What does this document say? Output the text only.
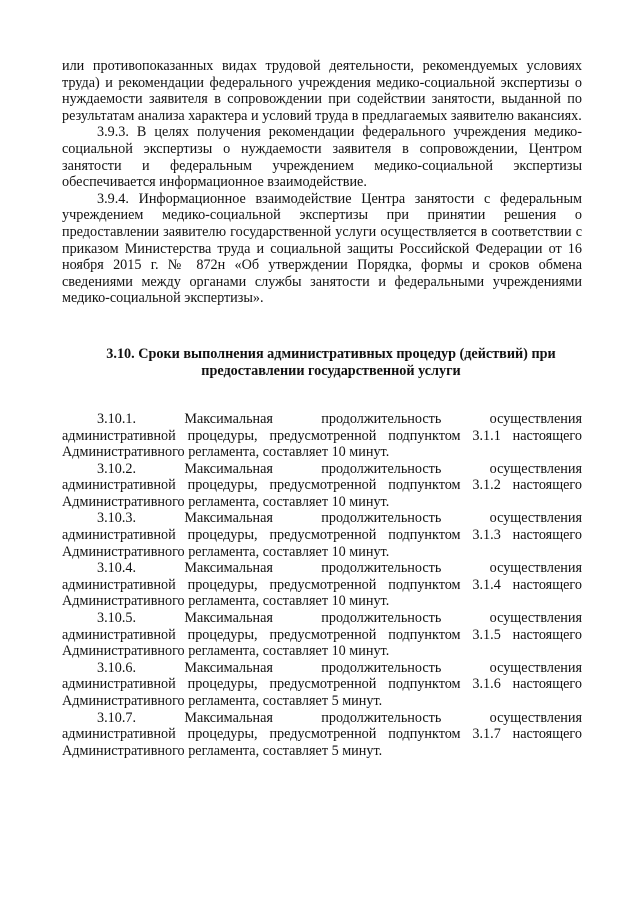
или противопоказанных видах трудовой деятельности, рекомендуемых условиях труда) и рекомендации федерального учреждения медико-социальной экспертизы о нуждаемости заявителя в сопровождении при содействии занятости, выданной по результатам анализа характера и условий труда в предлагаемых заявителю вакансиях.

3.9.3. В целях получения рекомендации федерального учреждения медико-социальной экспертизы о нуждаемости заявителя в сопровождении, Центром занятости и федеральным учреждением медико-социальной экспертизы обеспечивается информационное взаимодействие.

3.9.4. Информационное взаимодействие Центра занятости с федеральным учреждением медико-социальной экспертизы при принятии решения о предоставлении заявителю государственной услуги осуществляется в соответствии с приказом Министерства труда и социальной защиты Российской Федерации от 16 ноября 2015 г. № 872н «Об утверждении Порядка, формы и сроков обмена сведениями между органами службы занятости и федеральными учреждениями медико-социальной экспертизы».

3.10. Сроки выполнения административных процедур (действий) при
предоставлении государственной услуги
3.10.1.	Максимальная	продолжительность	осуществления
административной процедуры, предусмотренной подпунктом 3.1.1 настоящего
Административного регламента, составляет 10 минут.
3.10.2.	Максимальная	продолжительность	осуществления
административной процедуры, предусмотренной подпунктом 3.1.2 настоящего
Административного регламента, составляет 10 минут.
3.10.3.	Максимальная	продолжительность	осуществления
административной процедуры, предусмотренной подпунктом 3.1.3 настоящего
Административного регламента, составляет 10 минут.
3.10.4.	Максимальная	продолжительность	осуществления
административной процедуры, предусмотренной подпунктом 3.1.4 настоящего
Административного регламента, составляет 10 минут.
3.10.5.	Максимальная	продолжительность	осуществления
административной процедуры, предусмотренной подпунктом 3.1.5 настоящего
Административного регламента, составляет 10 минут.
3.10.6.	Максимальная	продолжительность	осуществления
административной процедуры, предусмотренной подпунктом 3.1.6 настоящего
Административного регламента, составляет 5 минут.
3.10.7.	Максимальная	продолжительность	осуществления
административной процедуры, предусмотренной подпунктом 3.1.7 настоящего
Административного регламента, составляет 5 минут.
